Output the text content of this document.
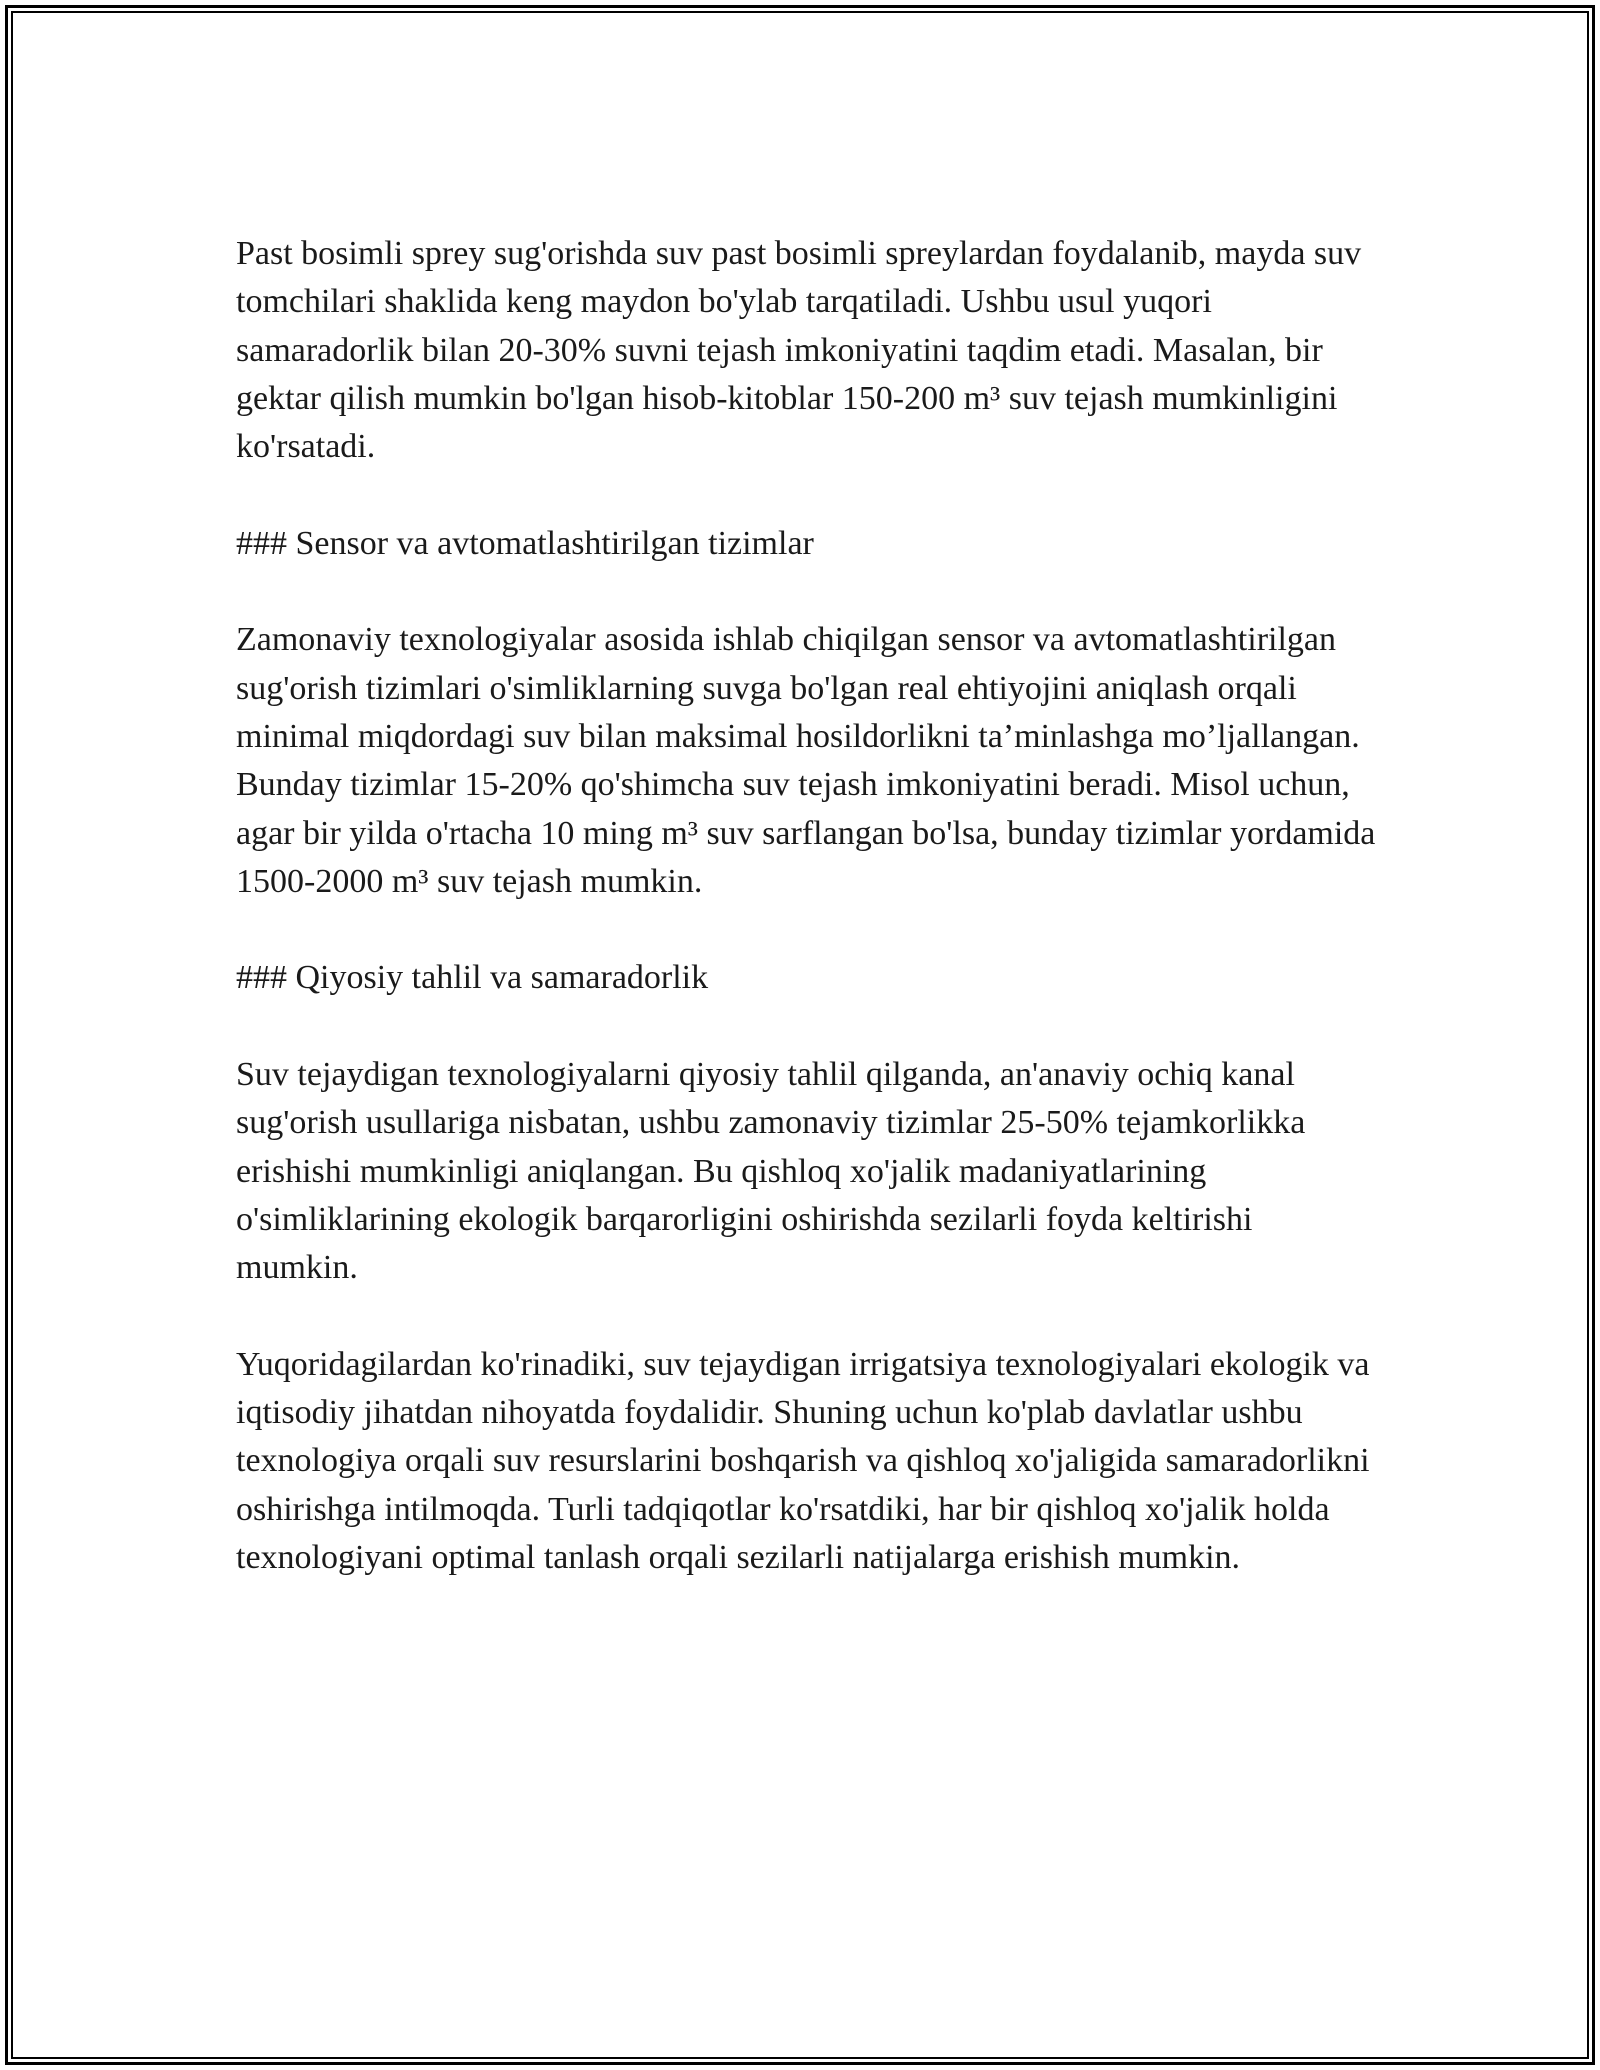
Past bosimli sprey sug'orishda suv past bosimli spreylardan foydalanib, mayda suv tomchilari shaklida keng maydon bo'ylab tarqatiladi. Ushbu usul yuqori samaradorlik bilan 20-30% suvni tejash imkoniyatini taqdim etadi. Masalan, bir gektar qilish mumkin bo'lgan hisob-kitoblar 150-200 m³ suv tejash mumkinligini ko'rsatadi.

### Sensor va avtomatlashtirilgan tizimlar

Zamonaviy texnologiyalar asosida ishlab chiqilgan sensor va avtomatlashtirilgan sug'orish tizimlari o'simliklarning suvga bo'lgan real ehtiyojini aniqlash orqali minimal miqdordagi suv bilan maksimal hosildorlikni ta’minlashga mo’ljallangan. Bunday tizimlar 15-20% qo'shimcha suv tejash imkoniyatini beradi. Misol uchun, agar bir yilda o'rtacha 10 ming m³ suv sarflangan bo'lsa, bunday tizimlar yordamida 1500-2000 m³ suv tejash mumkin.

### Qiyosiy tahlil va samaradorlik

Suv tejaydigan texnologiyalarni qiyosiy tahlil qilganda, an'anaviy ochiq kanal sug'orish usullariga nisbatan, ushbu zamonaviy tizimlar 25-50% tejamkorlikka erishishi mumkinligi aniqlangan. Bu qishloq xo'jalik madaniyatlarining o'simliklarining ekologik barqarorligini oshirishda sezilarli foyda keltirishi mumkin.

Yuqoridagilardan ko'rinadiki, suv tejaydigan irrigatsiya texnologiyalari ekologik va iqtisodiy jihatdan nihoyatda foydalidir. Shuning uchun ko'plab davlatlar ushbu texnologiya orqali suv resurslarini boshqarish va qishloq xo'jaligida samaradorlikni oshirishga intilmoqda. Turli tadqiqotlar ko'rsatdiki, har bir qishloq xo'jalik holda texnologiyani optimal tanlash orqali sezilarli natijalarga erishish mumkin.
